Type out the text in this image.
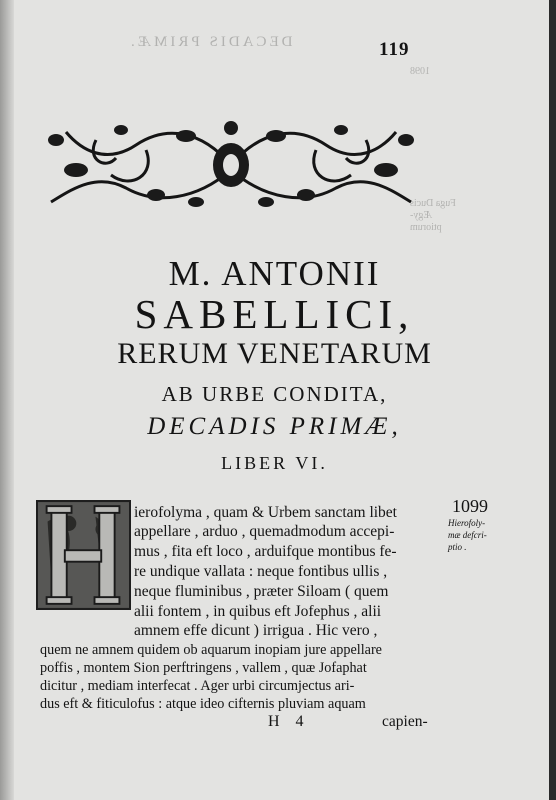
DECADIS PRIMÆ.
1098
Fuga Ducis
Ægy-
ptiorum
119
M. ANTONII
SABELLICI,
RERUM VENETARUM
AB URBE CONDITA,
DECADIS PRIMÆ,
LIBER VI.
ierofolyma , quam & Urbem sanctam libet
appellare , arduo , quemadmodum accepi-
mus , fita eft loco , arduifque montibus fe-
re undique vallata : neque fontibus ullis ,
neque fluminibus , præter Siloam ( quem
alii fontem , in quibus eft Jofephus , alii
amnem effe dicunt ) irrigua . Hic vero ,
quem ne amnem quidem ob aquarum inopiam jure appellare
poffis , montem Sion perftringens , vallem , quæ Jofaphat
dicitur , mediam interfecat . Ager urbi circumjectus ari-
1099
Hierofoly-
mæ defcri-
ptio .
dus eft & fiticulofus : atque ideo cifternis pluviam aquam
H 4	capien-
